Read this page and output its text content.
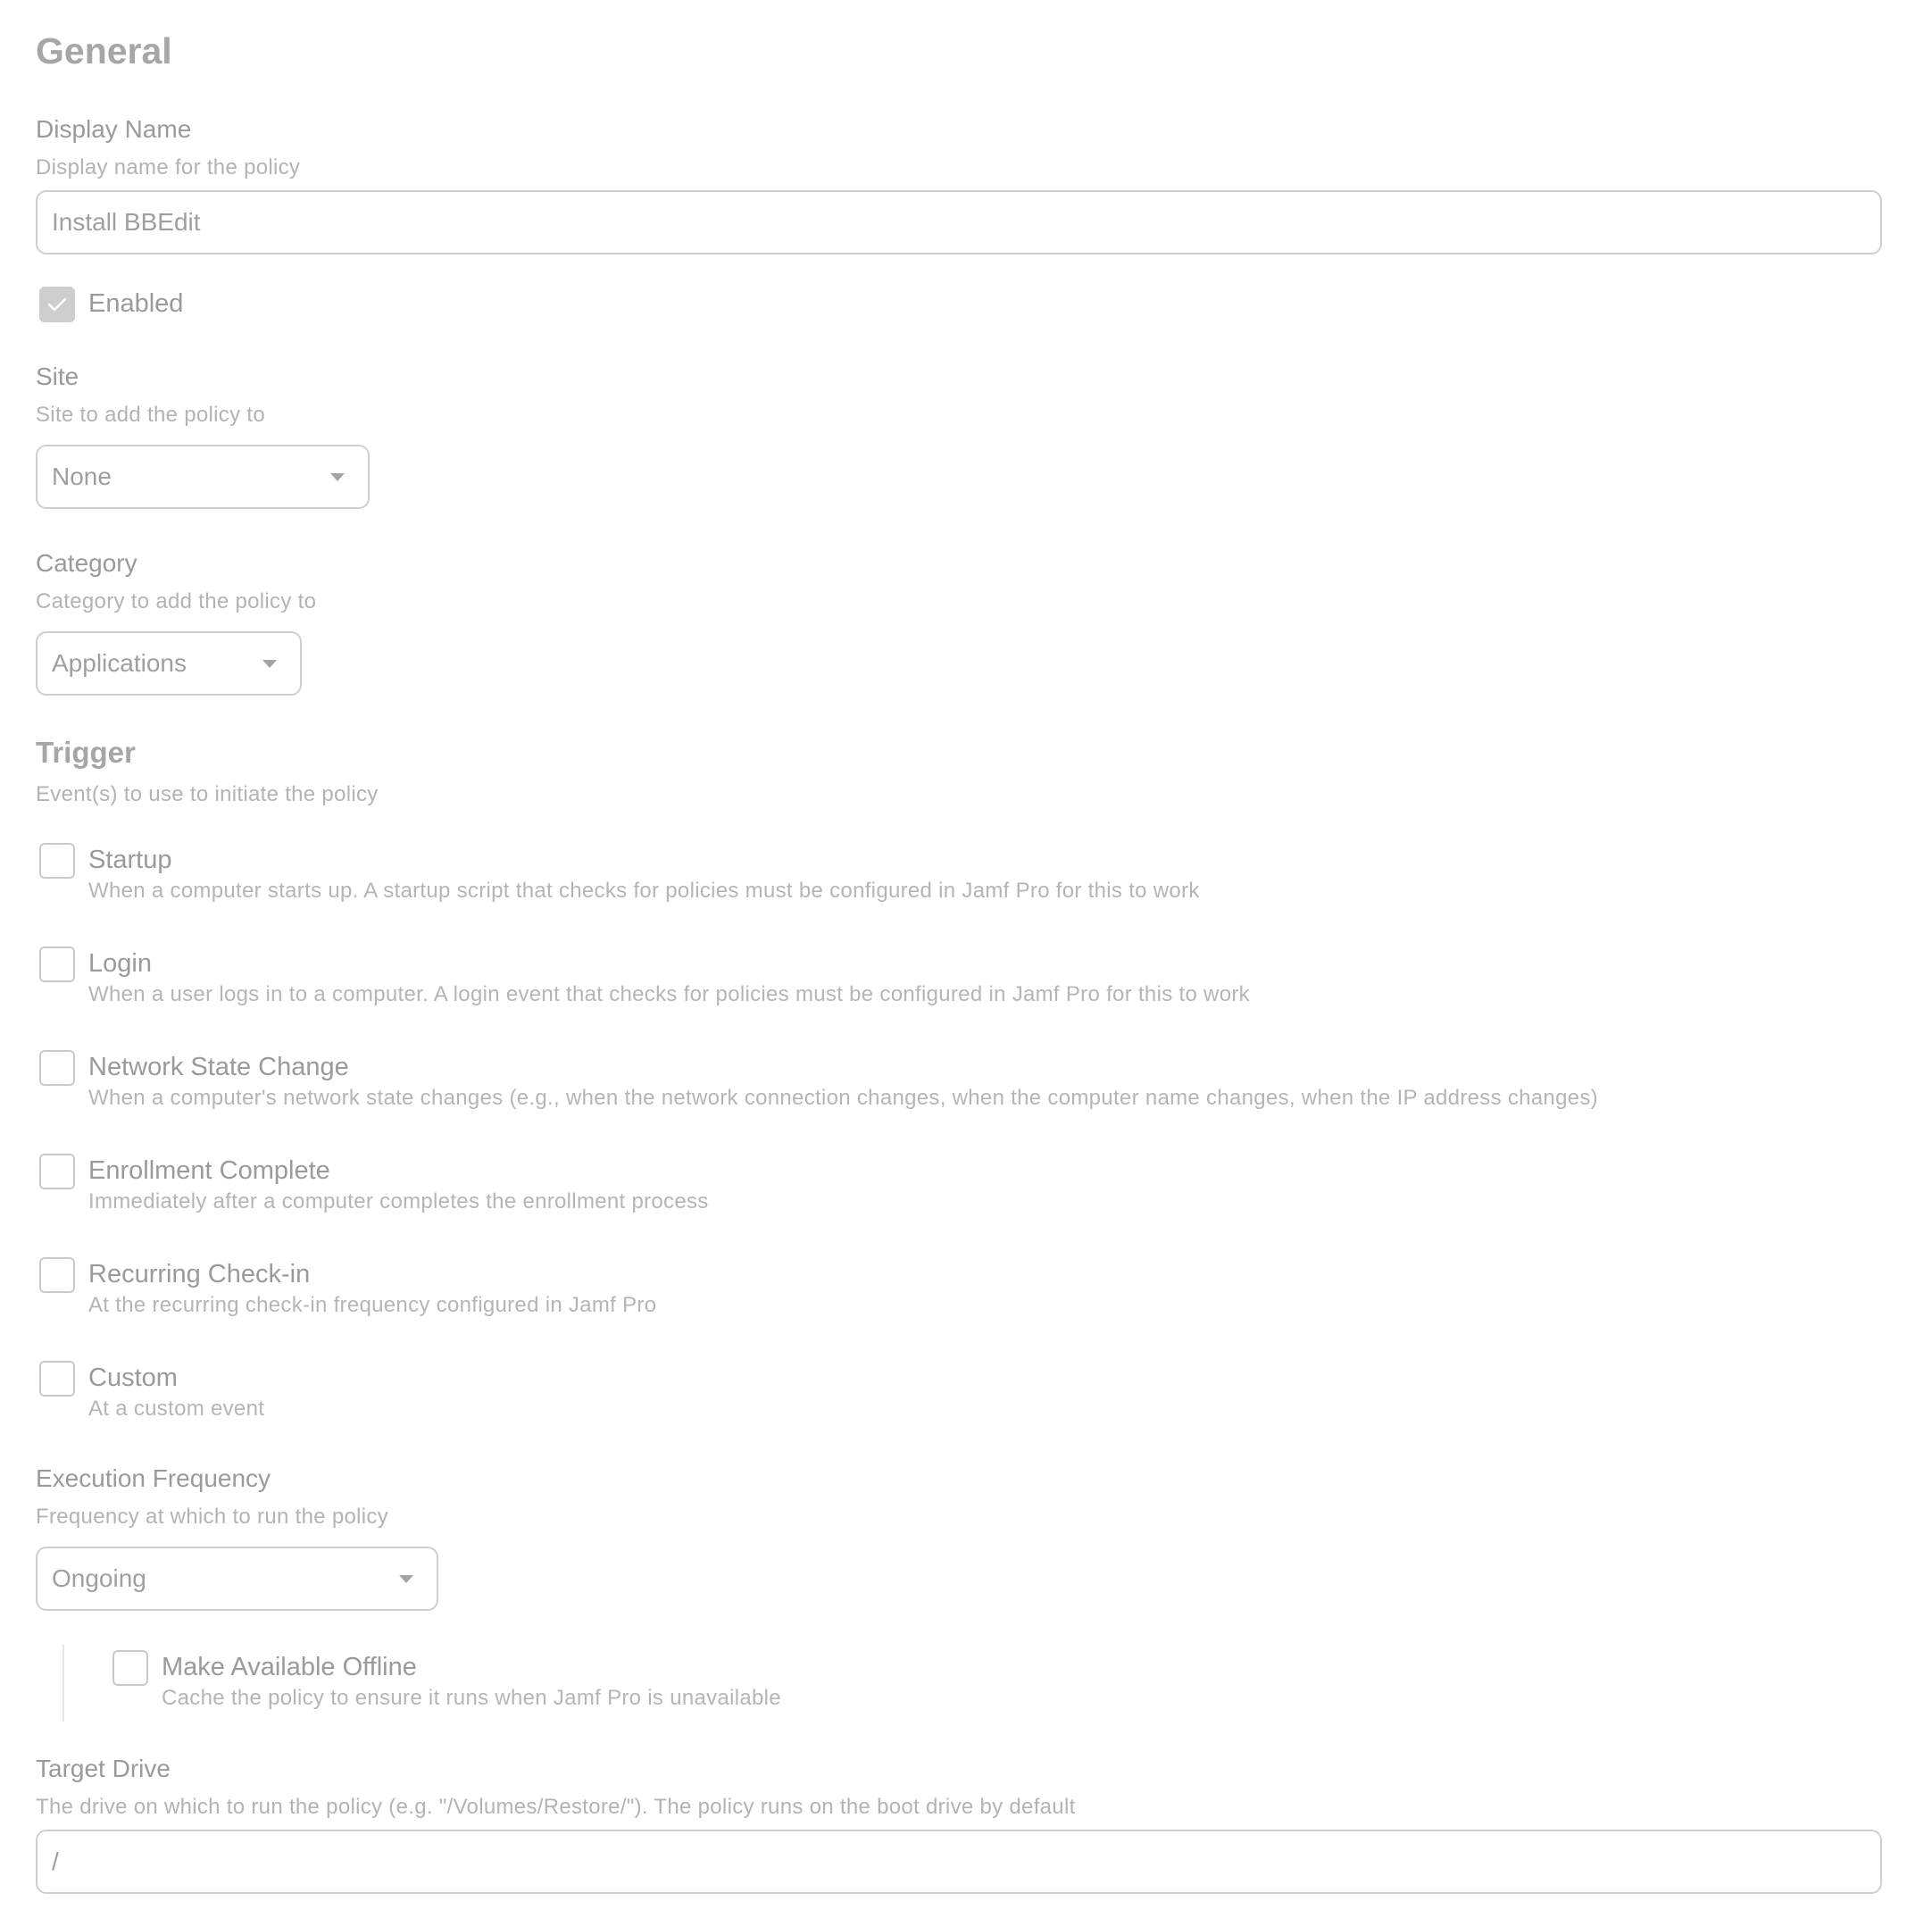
General
Display Name
Display name for the policy
Install BBEdit
Enabled
Site
Site to add the policy to
None
Category
Category to add the policy to
Applications
Trigger
Event(s) to use to initiate the policy
Startup
When a computer starts up. A startup script that checks for policies must be configured in Jamf Pro for this to work
Login
When a user logs in to a computer. A login event that checks for policies must be configured in Jamf Pro for this to work
Network State Change
When a computer's network state changes (e.g., when the network connection changes, when the computer name changes, when the IP address changes)
Enrollment Complete
Immediately after a computer completes the enrollment process
Recurring Check-in
At the recurring check-in frequency configured in Jamf Pro
Custom
At a custom event
Execution Frequency
Frequency at which to run the policy
Ongoing
Make Available Offline
Cache the policy to ensure it runs when Jamf Pro is unavailable
Target Drive
The drive on which to run the policy (e.g. "/Volumes/Restore/"). The policy runs on the boot drive by default
/
